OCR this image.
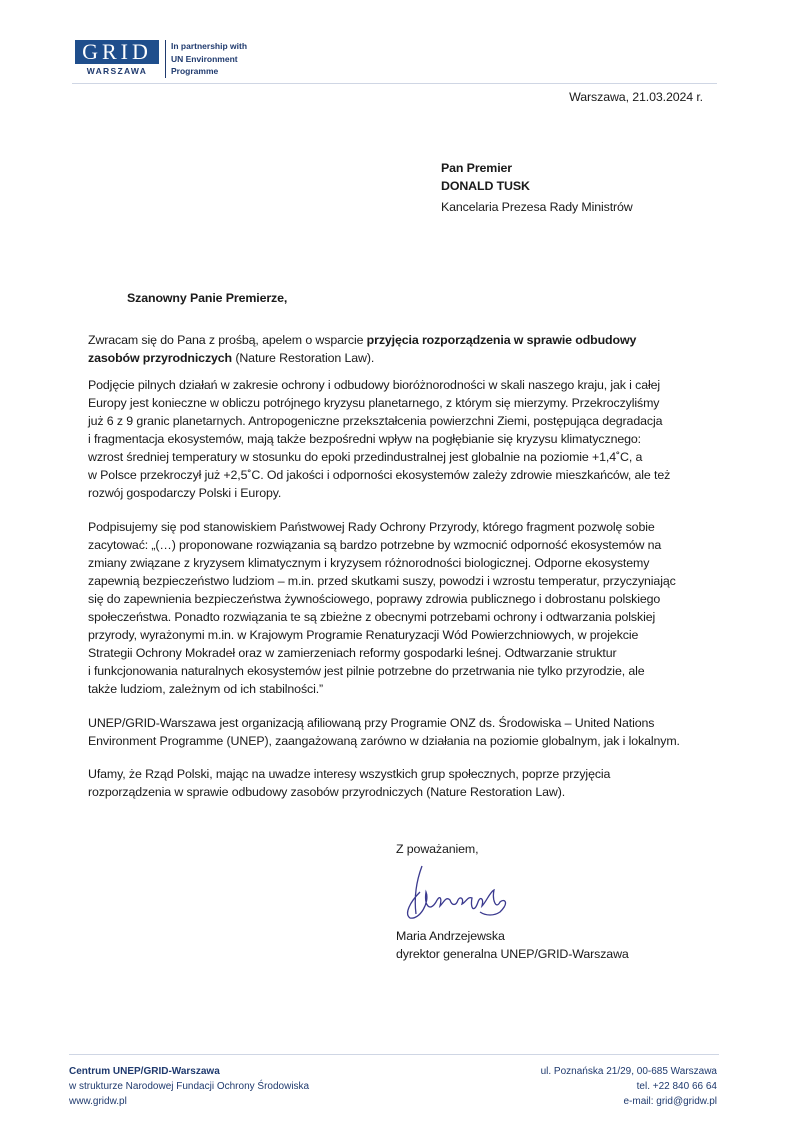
GRID
WARSZAWA
In partnership with
UN Environment
Programme
Warszawa, 21.03.2024 r.
Pan Premier
DONALD TUSK
Kancelaria Prezesa Rady Ministrów
Szanowny Panie Premierze,
Zwracam się do Pana z prośbą, apelem o wsparcie przyjęcia rozporządzenia w sprawie odbudowy
zasobów przyrodniczych (Nature Restoration Law).
Podjęcie pilnych działań w zakresie ochrony i odbudowy bioróżnorodności w skali naszego kraju, jak i całej
Europy jest konieczne w obliczu potrójnego kryzysu planetarnego, z którym się mierzymy. Przekroczyliśmy
już 6 z 9 granic planetarnych. Antropogeniczne przekształcenia powierzchni Ziemi, postępująca degradacja
i fragmentacja ekosystemów, mają także bezpośredni wpływ na pogłębianie się kryzysu klimatycznego:
wzrost średniej temperatury w stosunku do epoki przedindustralnej jest globalnie na poziomie +1,4˚C, a
w Polsce przekroczył już +2,5˚C. Od jakości i odporności ekosystemów zależy zdrowie mieszkańców, ale też
rozwój gospodarczy Polski i Europy.
Podpisujemy się pod stanowiskiem Państwowej Rady Ochrony Przyrody, którego fragment pozwolę sobie
zacytować: „(…) proponowane rozwiązania są bardzo potrzebne by wzmocnić odporność ekosystemów na
zmiany związane z kryzysem klimatycznym i kryzysem różnorodności biologicznej. Odporne ekosystemy
zapewnią bezpieczeństwo ludziom – m.in. przed skutkami suszy, powodzi i wzrostu temperatur, przyczyniając
się do zapewnienia bezpieczeństwa żywnościowego, poprawy zdrowia publicznego i dobrostanu polskiego
społeczeństwa. Ponadto rozwiązania te są zbieżne z obecnymi potrzebami ochrony i odtwarzania polskiej
przyrody, wyrażonymi m.in. w Krajowym Programie Renaturyzacji Wód Powierzchniowych, w projekcie
Strategii Ochrony Mokradeł oraz w zamierzeniach reformy gospodarki leśnej. Odtwarzanie struktur
i funkcjonowania naturalnych ekosystemów jest pilnie potrzebne do przetrwania nie tylko przyrodzie, ale
także ludziom, zależnym od ich stabilności.”
UNEP/GRID-Warszawa jest organizacją afiliowaną przy Programie ONZ ds. Środowiska – United Nations
Environment Programme (UNEP), zaangażowaną zarówno w działania na poziomie globalnym, jak i lokalnym.
Ufamy, że Rząd Polski, mając na uwadze interesy wszystkich grup społecznych, poprze przyjęcia
rozporządzenia w sprawie odbudowy zasobów przyrodniczych (Nature Restoration Law).
Z poważaniem,
Maria Andrzejewska
dyrektor generalna UNEP/GRID-Warszawa
Centrum UNEP/GRID-Warszawa
w strukturze Narodowej Fundacji Ochrony Środowiska
www.gridw.pl
ul. Poznańska 21/29, 00-685 Warszawa
tel. +22 840 66 64
e-mail: grid@gridw.pl
